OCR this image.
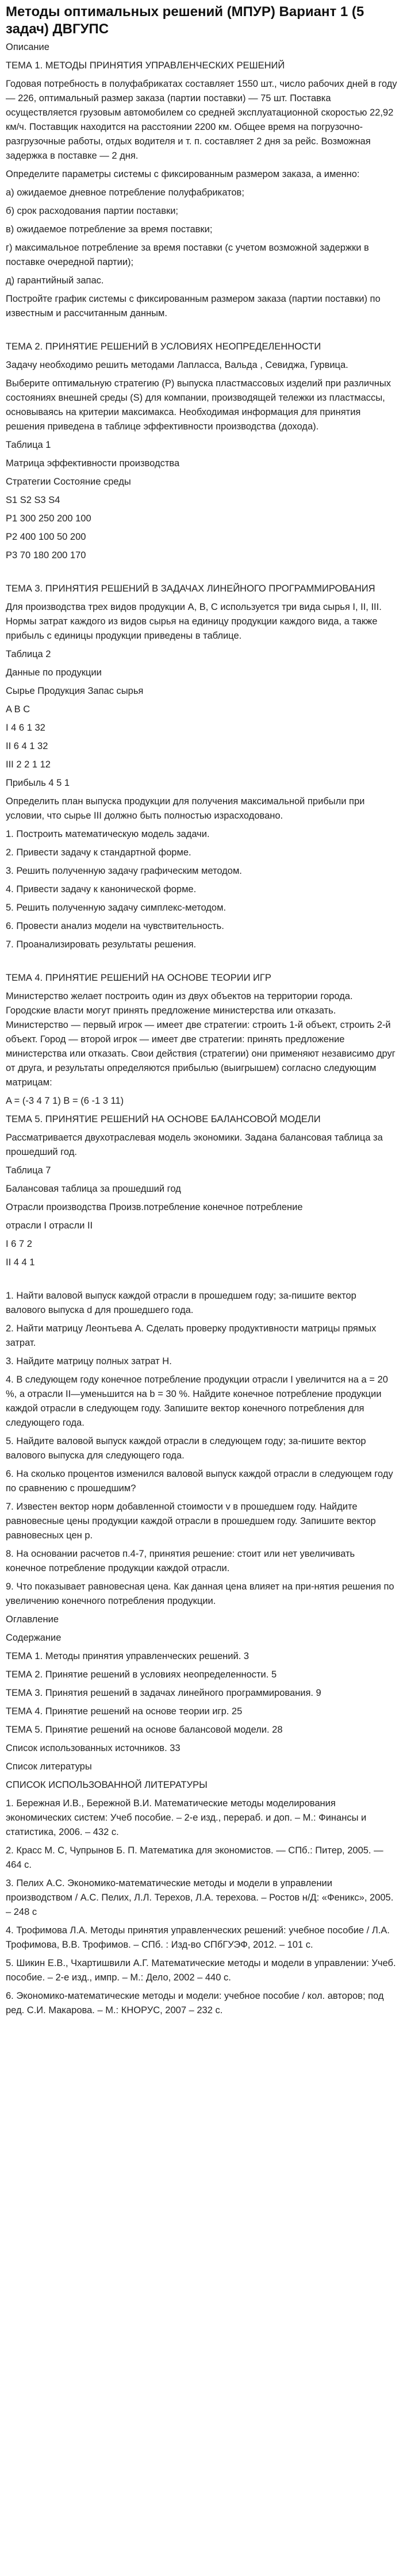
Методы оптимальных решений (МПУР) Вариант 1 (5 задач) ДВГУПС

Описание

ТЕМА 1. МЕТОДЫ ПРИНЯТИЯ УПРАВЛЕНЧЕСКИХ РЕШЕНИЙ

Годовая потребность в полуфабрикатах составляет 1550 шт., число рабочих дней в году — 226, оптимальный размер заказа (партии поставки) — 75 шт. Поставка осуществляется грузовым автомобилем со средней эксплуатационной скоростью 22,92 км/ч. Поставщик находится на расстоянии 2200 км. Общее время на погрузочно-разгрузочные работы, отдых водителя и т. п. составляет 2 дня за рейс. Возможная задержка в поставке — 2 дня.

Определите параметры системы с фиксированным размером заказа, а именно:

а) ожидаемое дневное потребление полуфабрикатов;

б) срок расходования партии поставки;

в) ожидаемое потребление за время поставки;

г) максимальное потребление за время поставки (с учетом возможной задержки в поставке очередной партии);

д) гарантийный запас.

Постройте график системы с фиксированным размером заказа (партии поставки) по известным и рассчитанным данным.

ТЕМА 2. ПРИНЯТИЕ РЕШЕНИЙ В УСЛОВИЯХ НЕОПРЕДЕЛЕННОСТИ

Задачу необходимо решить методами Лапласса, Вальда , Севиджа, Гурвица.

Выберите оптимальную стратегию (P) выпуска пластмассовых изделий при различных состояниях внешней среды (S) для компании, производящей тележки из пластмассы, основываясь на критерии максимакса. Необходимая информация для принятия решения приведена в таблице эффективности производства (дохода).

Таблица 1

Матрица эффективности производства

Стратегии Состояние среды

S1 S2 S3 S4

P1 300 250 200 100

P2 400 100 50 200

P3 70 180 200 170

ТЕМА 3. ПРИНЯТИЯ РЕШЕНИЙ В ЗАДАЧАХ ЛИНЕЙНОГО ПРОГРАММИРОВАНИЯ

Для производства трех видов продукции A, B, C используется три вида сырья I, II, III. Нормы затрат каждого из видов сырья на единицу продукции каждого вида, а также прибыль с единицы продукции приведены в таблице.

Таблица 2

Данные по продукции

Сырье Продукция Запас сырья

A B C

I 4 6 1 32

II 6 4 1 32

III 2 2 1 12

Прибыль 4 5 1

Определить план выпуска продукции для получения максимальной прибыли при условии, что сырье III должно быть полностью израсходовано.

1. Построить математическую модель задачи.

2. Привести задачу к стандартной форме.

3. Решить полученную задачу графическим методом.

4. Привести задачу к канонической форме.

5. Решить полученную задачу симплекс-методом.

6. Провести анализ модели на чувствительность.

7. Проанализировать результаты решения.

ТЕМА 4. ПРИНЯТИЕ РЕШЕНИЙ НА ОСНОВЕ ТЕОРИИ ИГР

Министерство желает построить один из двух объектов на территории города. Городские власти могут принять предложение министерства или отказать. Министерство — первый игрок — имеет две стратегии: строить 1-й объект, строить 2-й объект. Город — второй игрок — имеет две стратегии: принять предложение министерства или отказать. Свои действия (стратегии) они применяют независимо друг от друга, и результаты определяются прибылью (выигрышем) согласно следующим матрицам:

A = (-3 4 7 1) B = (6 -1 3 11)

ТЕМА 5. ПРИНЯТИЕ РЕШЕНИЙ НА ОСНОВЕ БАЛАНСОВОЙ МОДЕЛИ

Рассматривается двухотраслевая модель экономики. Задана балансовая таблица за прошедший год.

Таблица 7

Балансовая таблица за прошедший год

Отрасли производства Произв.потребление конечное потребление

отрасли I отрасли II

I 6 7 2

II 4 4 1

1. Найти валовой выпуск каждой отрасли в прошедшем году; за-пишите вектор валового выпуска d для прошедшего года.

2. Найти матрицу Леонтьева A. Сделать проверку продуктивности матрицы прямых затрат.

3. Найдите матрицу полных затрат H.

4. В следующем году конечное потребление продукции отрасли I увеличится на a = 20 %, а отрасли II—уменьшится на b = 30 %. Найдите конечное потребление продукции каждой отрасли в следующем году. Запишите вектор конечного потребления для следующего года.

5. Найдите валовой выпуск каждой отрасли в следующем году; за-пишите вектор валового выпуска для следующего года.

6. На сколько процентов изменился валовой выпуск каждой отрасли в следующем году по сравнению с прошедшим?

7. Известен вектор норм добавленной стоимости v в прошедшем году. Найдите равновесные цены продукции каждой отрасли в прошедшем году. Запишите вектор равновесных цен p.

8. На основании расчетов п.4-7, принятия решение: стоит или нет увеличивать конечное потребление продукции каждой отрасли.

9. Что показывает равновесная цена. Как данная цена влияет на при-нятия решения по увеличению конечного потребления продукции.

Оглавление

Содержание

ТЕМА 1. Методы принятия управленческих решений. 3

ТЕМА 2. Принятие решений в условиях неопределенности. 5

ТЕМА 3. Принятия решений в задачах линейного программирования. 9

ТЕМА 4. Принятие решений на основе теории игр. 25

ТЕМА 5. Принятие решений на основе балансовой модели. 28

Список использованных источников. 33

Список литературы

СПИСОК ИСПОЛЬЗОВАННОЙ ЛИТЕРАТУРЫ

1. Бережная И.В., Бережной В.И. Математические методы моделирования экономических систем: Учеб пособие. – 2-е изд., перераб. и доп. – М.: Финансы и статистика, 2006. – 432 с.

2. Красс М. С, Чупрынов Б. П. Математика для экономистов. — СПб.: Питер, 2005. — 464 с.

3. Пелих А.С. Экономико-математические методы и модели в управлении производством / А.С. Пелих, Л.Л. Терехов, Л.А. терехова. – Ростов н/Д: «Феникс», 2005. – 248 с

4. Трофимова Л.А. Методы принятия управленческих решений: учебное пособие / Л.А. Трофимова, В.В. Трофимов. – СПб. : Изд-во СПбГУЭФ, 2012. – 101 с.

5. Шикин Е.В., Чхартишвили А.Г. Математические методы и модели в управлении: Учеб. пособие. – 2-е изд., импр. – М.: Дело, 2002 – 440 с.

6. Экономико-математические методы и модели: учебное пособие / кол. авторов; под ред. С.И. Макарова. – М.: КНОРУС, 2007 – 232 с.
